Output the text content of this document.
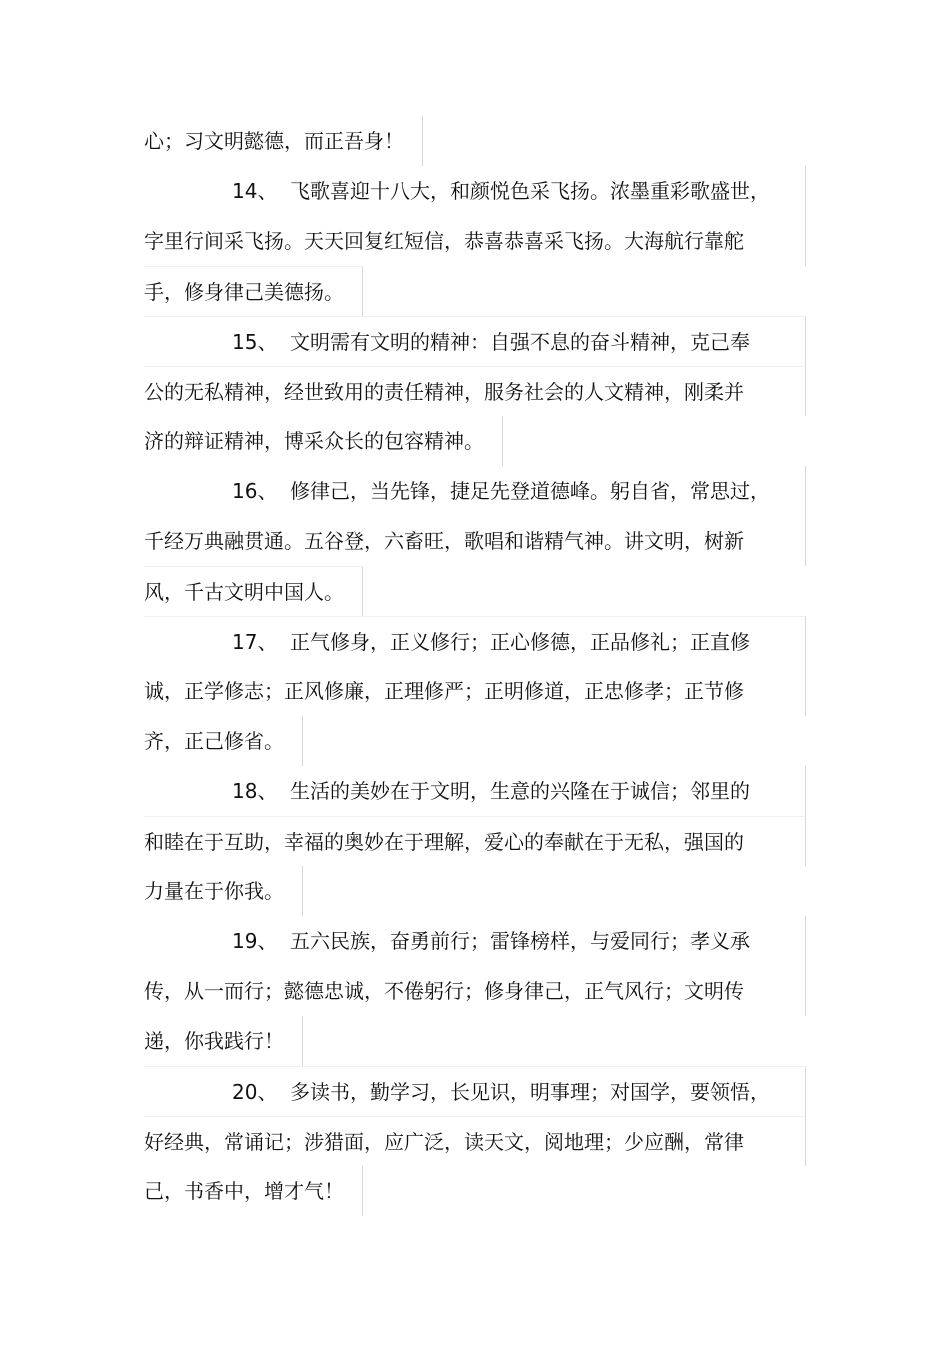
心；习文明懿德，而正吾身！
14、 飞歌喜迎十八大，和颜悦色采飞扬。浓墨重彩歌盛世，
字里行间采飞扬。天天回复红短信，恭喜恭喜采飞扬。大海航行靠舵
手，修身律己美德扬。
15、 文明需有文明的精神：自强不息的奋斗精神，克己奉
公的无私精神，经世致用的责任精神，服务社会的人文精神，刚柔并
济的辩证精神，博采众长的包容精神。
16、 修律己，当先锋，捷足先登道德峰。躬自省，常思过，
千经万典融贯通。五谷登，六畜旺，歌唱和谐精气神。讲文明，树新
风，千古文明中国人。
17、 正气修身，正义修行；正心修德，正品修礼；正直修
诚，正学修志；正风修廉，正理修严；正明修道，正忠修孝；正节修
齐，正己修省。
18、 生活的美妙在于文明，生意的兴隆在于诚信；邻里的
和睦在于互助，幸福的奥妙在于理解，爱心的奉献在于无私，强国的
力量在于你我。
19、 五六民族，奋勇前行；雷锋榜样，与爱同行；孝义承
传，从一而行；懿德忠诚，不倦躬行；修身律己，正气风行；文明传
递，你我践行！
20、 多读书，勤学习，长见识，明事理；对国学，要领悟，
好经典，常诵记；涉猎面，应广泛，读天文，阅地理；少应酬，常律
己，书香中，增才气！
